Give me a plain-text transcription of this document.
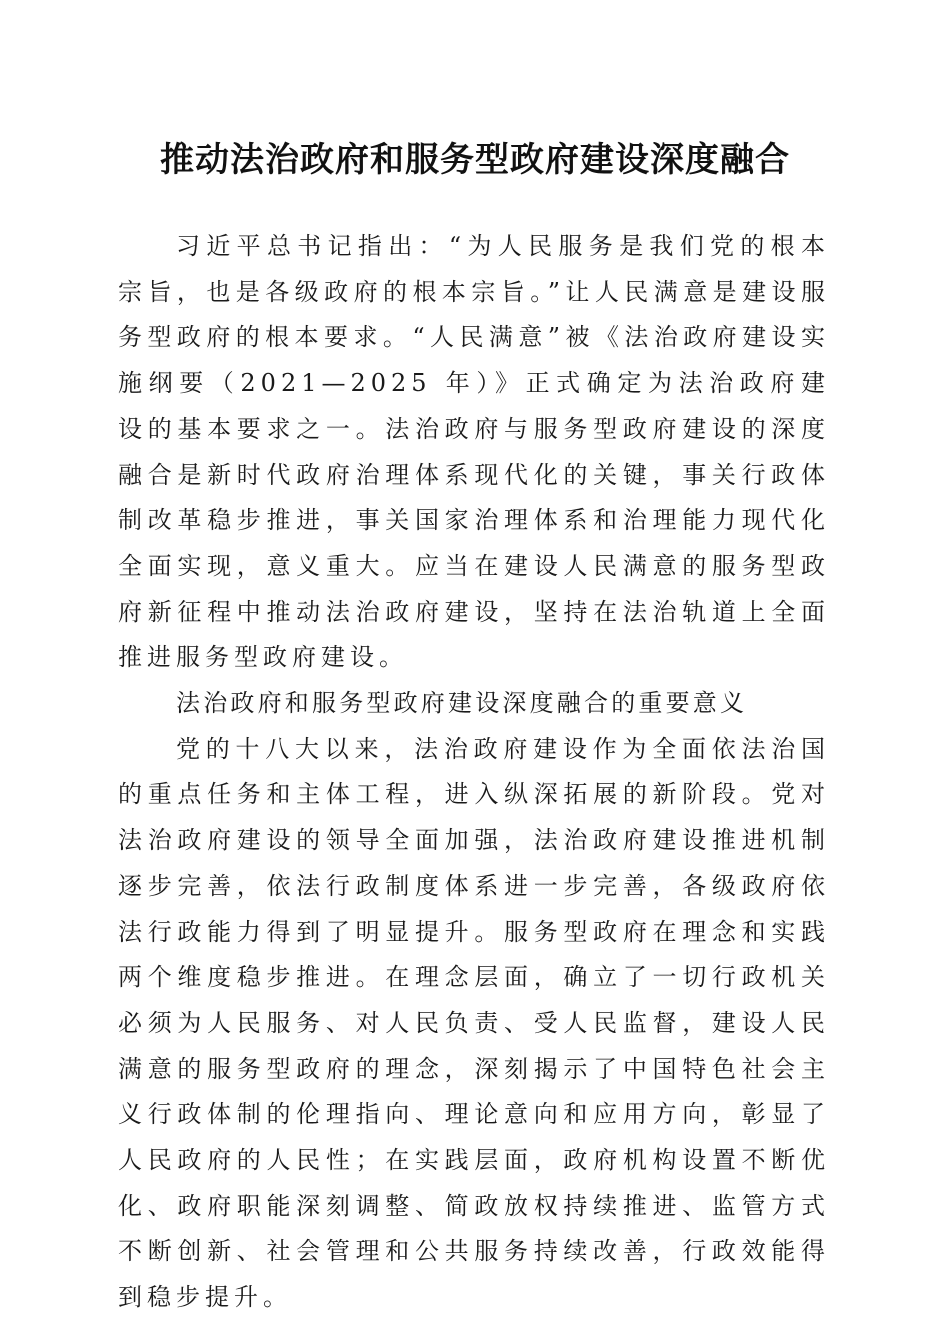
推动法治政府和服务型政府建设深度融合

习近平总书记指出：“为人民服务是我们党的根本宗旨，也是各级政府的根本宗旨。”让人民满意是建设服务型政府的根本要求。“人民满意”被《法治政府建设实施纲要（2021—2025 年）》正式确定为法治政府建设的基本要求之一。法治政府与服务型政府建设的深度融合是新时代政府治理体系现代化的关键，事关行政体制改革稳步推进，事关国家治理体系和治理能力现代化全面实现，意义重大。应当在建设人民满意的服务型政府新征程中推动法治政府建设，坚持在法治轨道上全面推进服务型政府建设。

法治政府和服务型政府建设深度融合的重要意义

党的十八大以来，法治政府建设作为全面依法治国的重点任务和主体工程，进入纵深拓展的新阶段。党对法治政府建设的领导全面加强，法治政府建设推进机制逐步完善，依法行政制度体系进一步完善，各级政府依法行政能力得到了明显提升。服务型政府在理念和实践两个维度稳步推进。在理念层面，确立了一切行政机关必须为人民服务、对人民负责、受人民监督，建设人民满意的服务型政府的理念，深刻揭示了中国特色社会主义行政体制的伦理指向、理论意向和应用方向，彰显了人民政府的人民性；在实践层面，政府机构设置不断优化、政府职能深刻调整、简政放权持续推进、监管方式不断创新、社会管理和公共服务持续改善，行政效能得到稳步提升。
